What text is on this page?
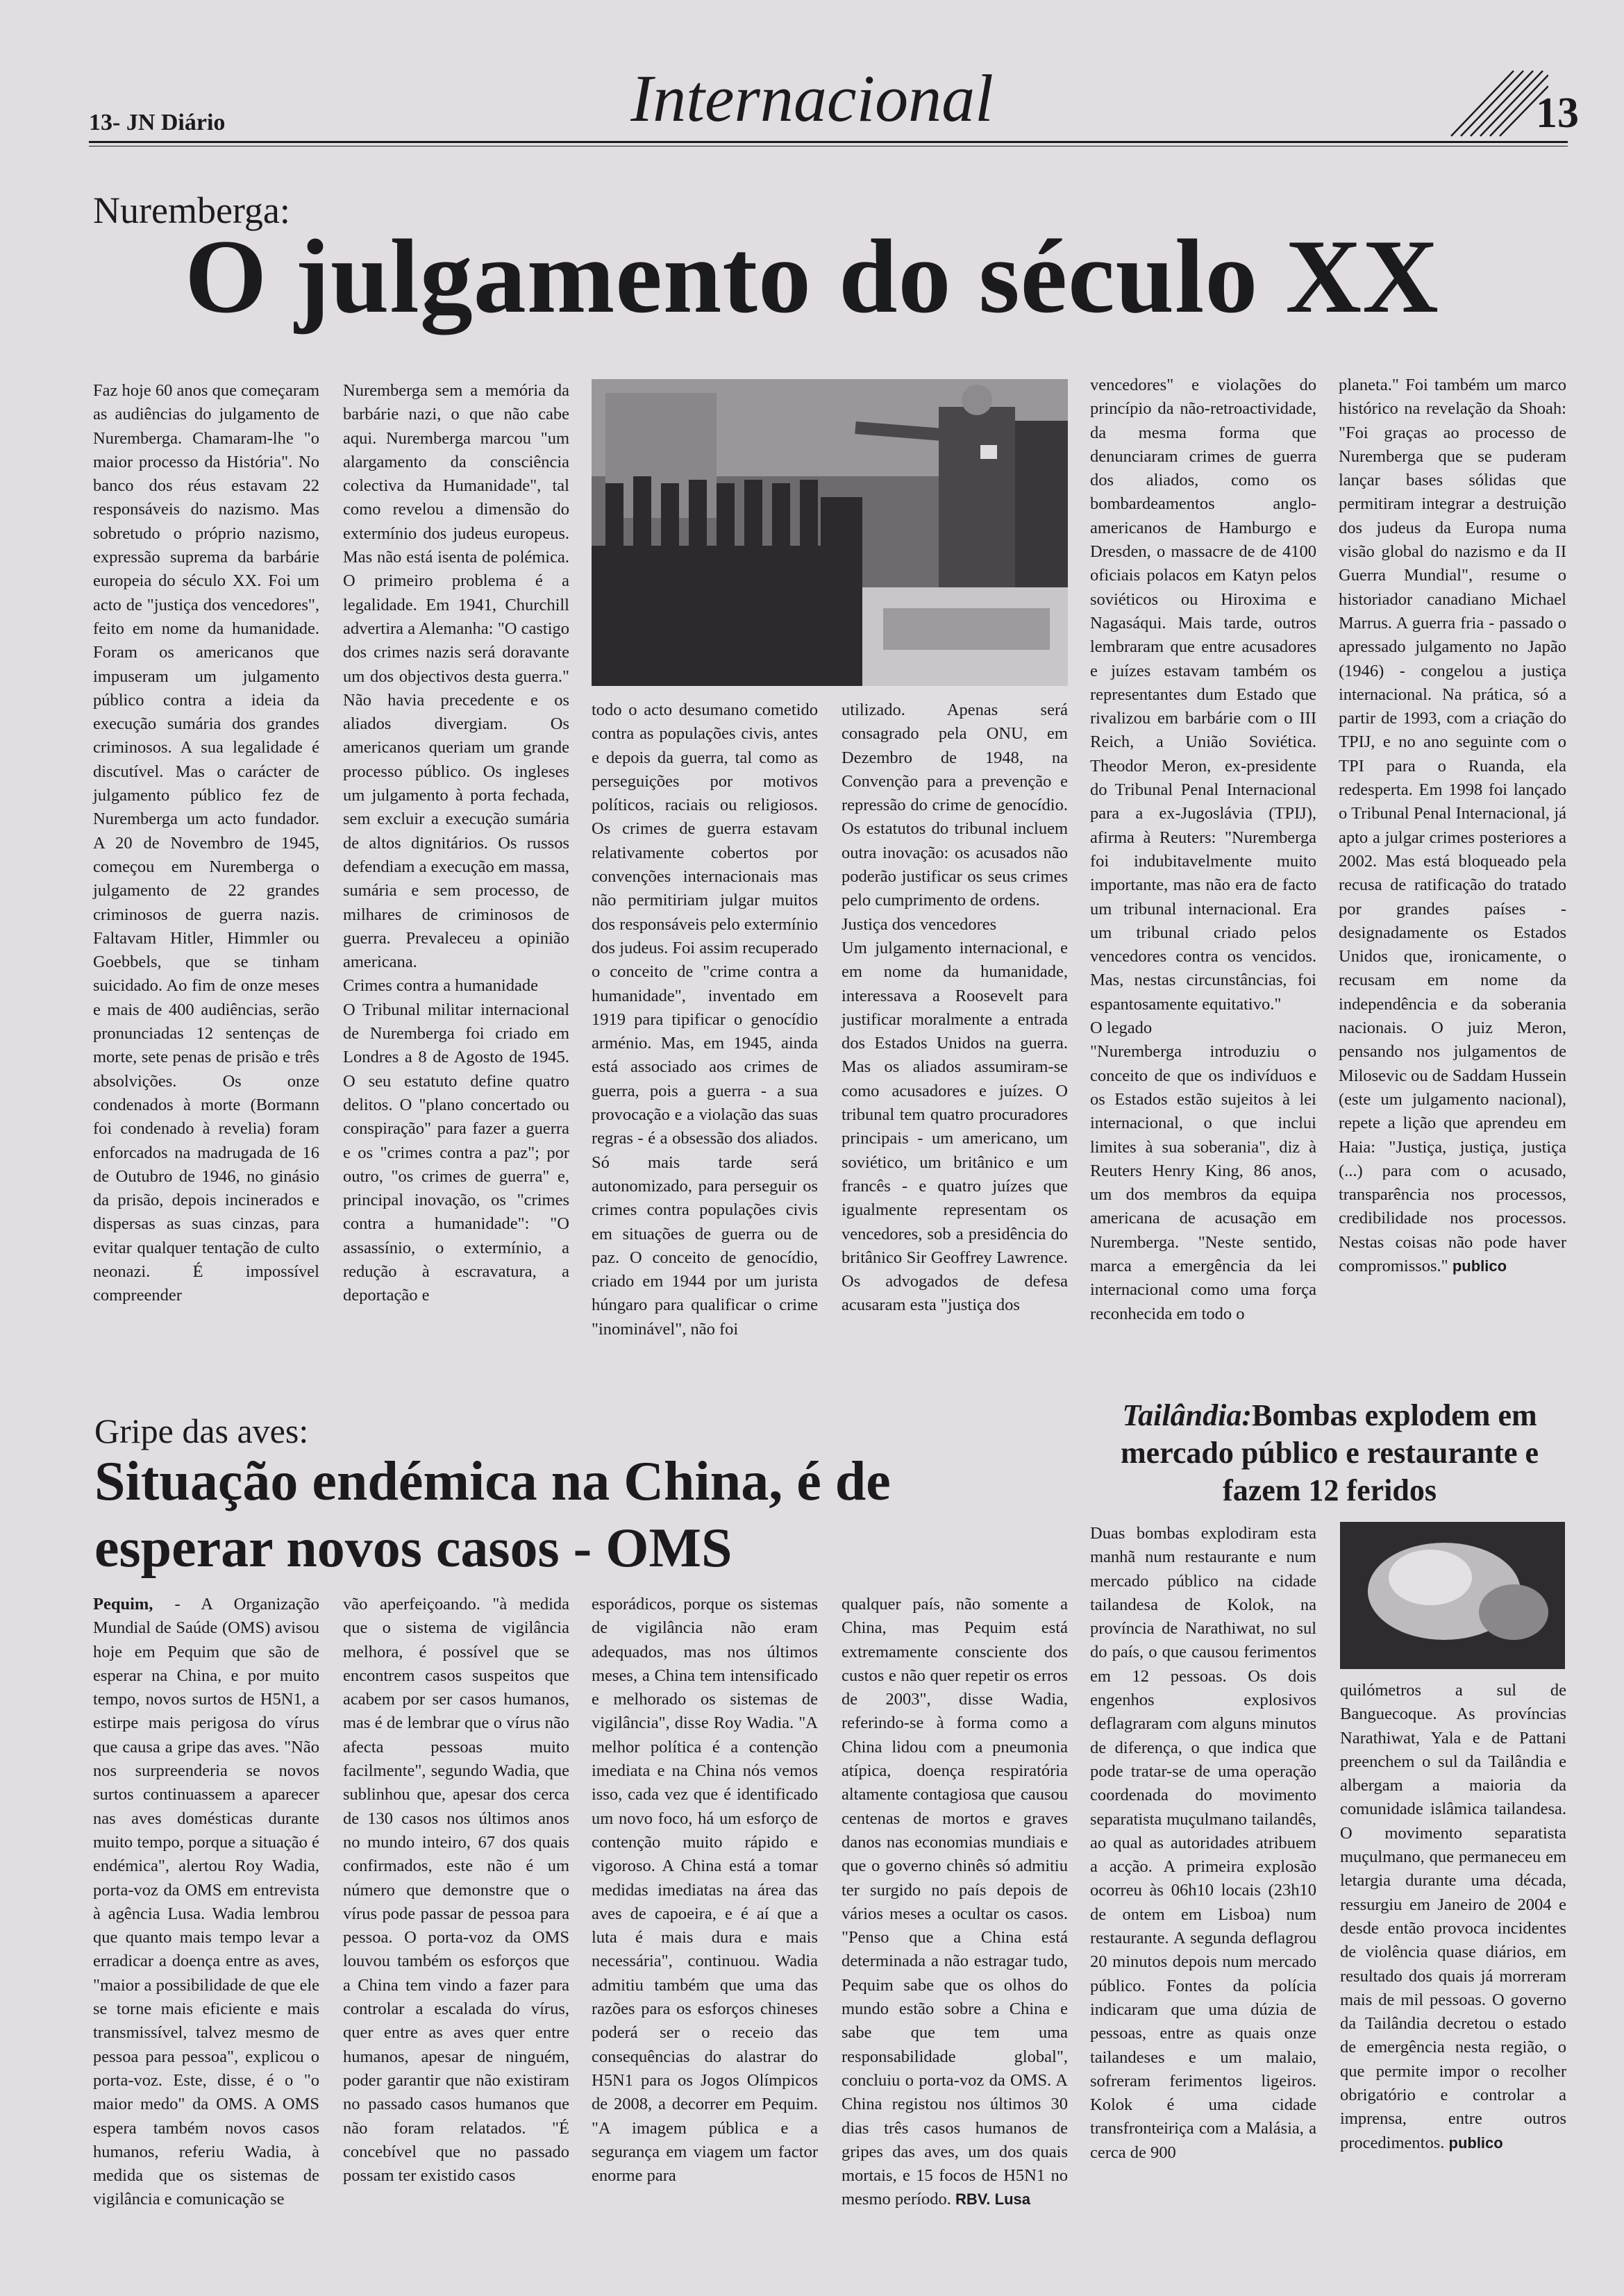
13- JN Diário	Internacional	13
Nuremberga:
O julgamento do século XX

Faz hoje 60 anos que começaram as audiências do julgamento de Nuremberga. Chamaram-lhe "o maior processo da História". No banco dos réus estavam 22 responsáveis do nazismo. Mas sobretudo o próprio nazismo, expressão suprema da barbárie europeia do século XX. Foi um acto de "justiça dos vencedores", feito em nome da humanidade. Foram os americanos que impuseram um julgamento público contra a ideia da execução sumária dos grandes criminosos. A sua legalidade é discutível. Mas o carácter de julgamento público fez de Nuremberga um acto fundador. A 20 de Novembro de 1945, começou em Nuremberga o julgamento de 22 grandes criminosos de guerra nazis. Faltavam Hitler, Himmler ou Goebbels, que se tinham suicidado. Ao fim de onze meses e mais de 400 audiências, serão pronunciadas 12 sentenças de morte, sete penas de prisão e três absolvições. Os onze condenados à morte (Bormann foi condenado à revelia) foram enforcados na madrugada de 16 de Outubro de 1946, no ginásio da prisão, depois incinerados e dispersas as suas cinzas, para evitar qualquer tentação de culto neonazi. É impossível compreender

Nuremberga sem a memória da barbárie nazi, o que não cabe aqui. Nuremberga marcou "um alargamento da consciência colectiva da Humanidade", tal como revelou a dimensão do extermínio dos judeus europeus. Mas não está isenta de polémica. O primeiro problema é a legalidade. Em 1941, Churchill advertira a Alemanha: "O castigo dos crimes nazis será doravante um dos objectivos desta guerra." Não havia precedente e os aliados divergiam. Os americanos queriam um grande processo público. Os ingleses um julgamento à porta fechada, sem excluir a execução sumária de altos dignitários. Os russos defendiam a execução em massa, sumária e sem processo, de milhares de criminosos de guerra. Prevaleceu a opinião americana.

Crimes contra a humanidade

O Tribunal militar internacional de Nuremberga foi criado em Londres a 8 de Agosto de 1945. O seu estatuto define quatro delitos. O "plano concertado ou conspiração" para fazer a guerra e os "crimes contra a paz"; por outro, "os crimes de guerra" e, principal inovação, os "crimes contra a humanidade": "O assassínio, o extermínio, a redução à escravatura, a deportação e

todo o acto desumano cometido contra as populações civis, antes e depois da guerra, tal como as perseguições por motivos políticos, raciais ou religiosos. Os crimes de guerra estavam relativamente cobertos por convenções internacionais mas não permitiriam julgar muitos dos responsáveis pelo extermínio dos judeus. Foi assim recuperado o conceito de "crime contra a humanidade", inventado em 1919 para tipificar o genocídio arménio. Mas, em 1945, ainda está associado aos crimes de guerra, pois a guerra - a sua provocação e a violação das suas regras - é a obsessão dos aliados. Só mais tarde será autonomizado, para perseguir os crimes contra populações civis em situações de guerra ou de paz. O conceito de genocídio, criado em 1944 por um jurista húngaro para qualificar o crime "inominável", não foi

utilizado. Apenas será consagrado pela ONU, em Dezembro de 1948, na Convenção para a prevenção e repressão do crime de genocídio. Os estatutos do tribunal incluem outra inovação: os acusados não poderão justificar os seus crimes pelo cumprimento de ordens.

Justiça dos vencedores

Um julgamento internacional, e em nome da humanidade, interessava a Roosevelt para justificar moralmente a entrada dos Estados Unidos na guerra. Mas os aliados assumiram-se como acusadores e juízes. O tribunal tem quatro procuradores principais - um americano, um soviético, um britânico e um francês - e quatro juízes que igualmente representam os vencedores, sob a presidência do britânico Sir Geoffrey Lawrence. Os advogados de defesa acusaram esta "justiça dos

vencedores" e violações do princípio da não-retroactividade, da mesma forma que denunciaram crimes de guerra dos aliados, como os bombardeamentos anglo-americanos de Hamburgo e Dresden, o massacre de de 4100 oficiais polacos em Katyn pelos soviéticos ou Hiroxima e Nagasáqui. Mais tarde, outros lembraram que entre acusadores e juízes estavam também os representantes dum Estado que rivalizou em barbárie com o III Reich, a União Soviética. Theodor Meron, ex-presidente do Tribunal Penal Internacional para a ex-Jugoslávia (TPIJ), afirma à Reuters: "Nuremberga foi indubitavelmente muito importante, mas não era de facto um tribunal internacional. Era um tribunal criado pelos vencedores contra os vencidos. Mas, nestas circunstâncias, foi espantosamente equitativo."

O legado

"Nuremberga introduziu o conceito de que os indivíduos e os Estados estão sujeitos à lei internacional, o que inclui limites à sua soberania", diz à Reuters Henry King, 86 anos, um dos membros da equipa americana de acusação em Nuremberga. "Neste sentido, marca a emergência da lei internacional como uma força reconhecida em todo o

planeta." Foi também um marco histórico na revelação da Shoah: "Foi graças ao processo de Nuremberga que se puderam lançar bases sólidas que permitiram integrar a destruição dos judeus da Europa numa visão global do nazismo e da II Guerra Mundial", resume o historiador canadiano Michael Marrus. A guerra fria - passado o apressado julgamento no Japão (1946) - congelou a justiça internacional. Na prática, só a partir de 1993, com a criação do TPIJ, e no ano seguinte com o TPI para o Ruanda, ela redesperta. Em 1998 foi lançado o Tribunal Penal Internacional, já apto a julgar crimes posteriores a 2002. Mas está bloqueado pela recusa de ratificação do tratado por grandes países - designadamente os Estados Unidos que, ironicamente, o recusam em nome da independência e da soberania nacionais. O juiz Meron, pensando nos julgamentos de Milosevic ou de Saddam Hussein (este um julgamento nacional), repete a lição que aprendeu em Haia: "Justiça, justiça, justiça (...) para com o acusado, transparência nos processos, credibilidade nos processos. Nestas coisas não pode haver compromissos." publico

Gripe das aves:
Situação endémica na China, é de esperar novos casos - OMS

Pequim, - A Organização Mundial de Saúde (OMS) avisou hoje em Pequim que são de esperar na China, e por muito tempo, novos surtos de H5N1, a estirpe mais perigosa do vírus que causa a gripe das aves. "Não nos surpreenderia se novos surtos continuassem a aparecer nas aves domésticas durante muito tempo, porque a situação é endémica", alertou Roy Wadia, porta-voz da OMS em entrevista à agência Lusa. Wadia lembrou que quanto mais tempo levar a erradicar a doença entre as aves, "maior a possibilidade de que ele se torne mais eficiente e mais transmissível, talvez mesmo de pessoa para pessoa", explicou o porta-voz. Este, disse, é o "o maior medo" da OMS. A OMS espera também novos casos humanos, referiu Wadia, à medida que os sistemas de vigilância e comunicação se

vão aperfeiçoando. "à medida que o sistema de vigilância melhora, é possível que se encontrem casos suspeitos que acabem por ser casos humanos, mas é de lembrar que o vírus não afecta pessoas muito facilmente", segundo Wadia, que sublinhou que, apesar dos cerca de 130 casos nos últimos anos no mundo inteiro, 67 dos quais confirmados, este não é um número que demonstre que o vírus pode passar de pessoa para pessoa. O porta-voz da OMS louvou também os esforços que a China tem vindo a fazer para controlar a escalada do vírus, quer entre as aves quer entre humanos, apesar de ninguém, poder garantir que não existiram no passado casos humanos que não foram relatados. "É concebível que no passado possam ter existido casos

esporádicos, porque os sistemas de vigilância não eram adequados, mas nos últimos meses, a China tem intensificado e melhorado os sistemas de vigilância", disse Roy Wadia. "A melhor política é a contenção imediata e na China nós vemos isso, cada vez que é identificado um novo foco, há um esforço de contenção muito rápido e vigoroso. A China está a tomar medidas imediatas na área das aves de capoeira, e é aí que a luta é mais dura e mais necessária", continuou. Wadia admitiu também que uma das razões para os esforços chineses poderá ser o receio das consequências do alastrar do H5N1 para os Jogos Olímpicos de 2008, a decorrer em Pequim. "A imagem pública e a segurança em viagem um factor enorme para

qualquer país, não somente a China, mas Pequim está extremamente consciente dos custos e não quer repetir os erros de 2003", disse Wadia, referindo-se à forma como a China lidou com a pneumonia atípica, doença respiratória altamente contagiosa que causou centenas de mortos e graves danos nas economias mundiais e que o governo chinês só admitiu ter surgido no país depois de vários meses a ocultar os casos. "Penso que a China está determinada a não estragar tudo, Pequim sabe que os olhos do mundo estão sobre a China e sabe que tem uma responsabilidade global", concluiu o porta-voz da OMS. A China registou nos últimos 30 dias três casos humanos de gripes das aves, um dos quais mortais, e 15 focos de H5N1 no mesmo período. RBV. Lusa

Tailândia:Bombas explodem em mercado público e restaurante e fazem 12 feridos

Duas bombas explodiram esta manhã num restaurante e num mercado público na cidade tailandesa de Kolok, na província de Narathiwat, no sul do país, o que causou ferimentos em 12 pessoas. Os dois engenhos explosivos deflagraram com alguns minutos de diferença, o que indica que pode tratar-se de uma operação coordenada do movimento separatista muçulmano tailandês, ao qual as autoridades atribuem a acção. A primeira explosão ocorreu às 06h10 locais (23h10 de ontem em Lisboa) num restaurante. A segunda deflagrou 20 minutos depois num mercado público. Fontes da polícia indicaram que uma dúzia de pessoas, entre as quais onze tailandeses e um malaio, sofreram ferimentos ligeiros. Kolok é uma cidade transfronteiriça com a Malásia, a cerca de 900

quilómetros a sul de Banguecoque. As províncias Narathiwat, Yala e de Pattani preenchem o sul da Tailândia e albergam a maioria da comunidade islâmica tailandesa. O movimento separatista muçulmano, que permaneceu em letargia durante uma década, ressurgiu em Janeiro de 2004 e desde então provoca incidentes de violência quase diários, em resultado dos quais já morreram mais de mil pessoas. O governo da Tailândia decretou o estado de emergência nesta região, o que permite impor o recolher obrigatório e controlar a imprensa, entre outros procedimentos. publico
